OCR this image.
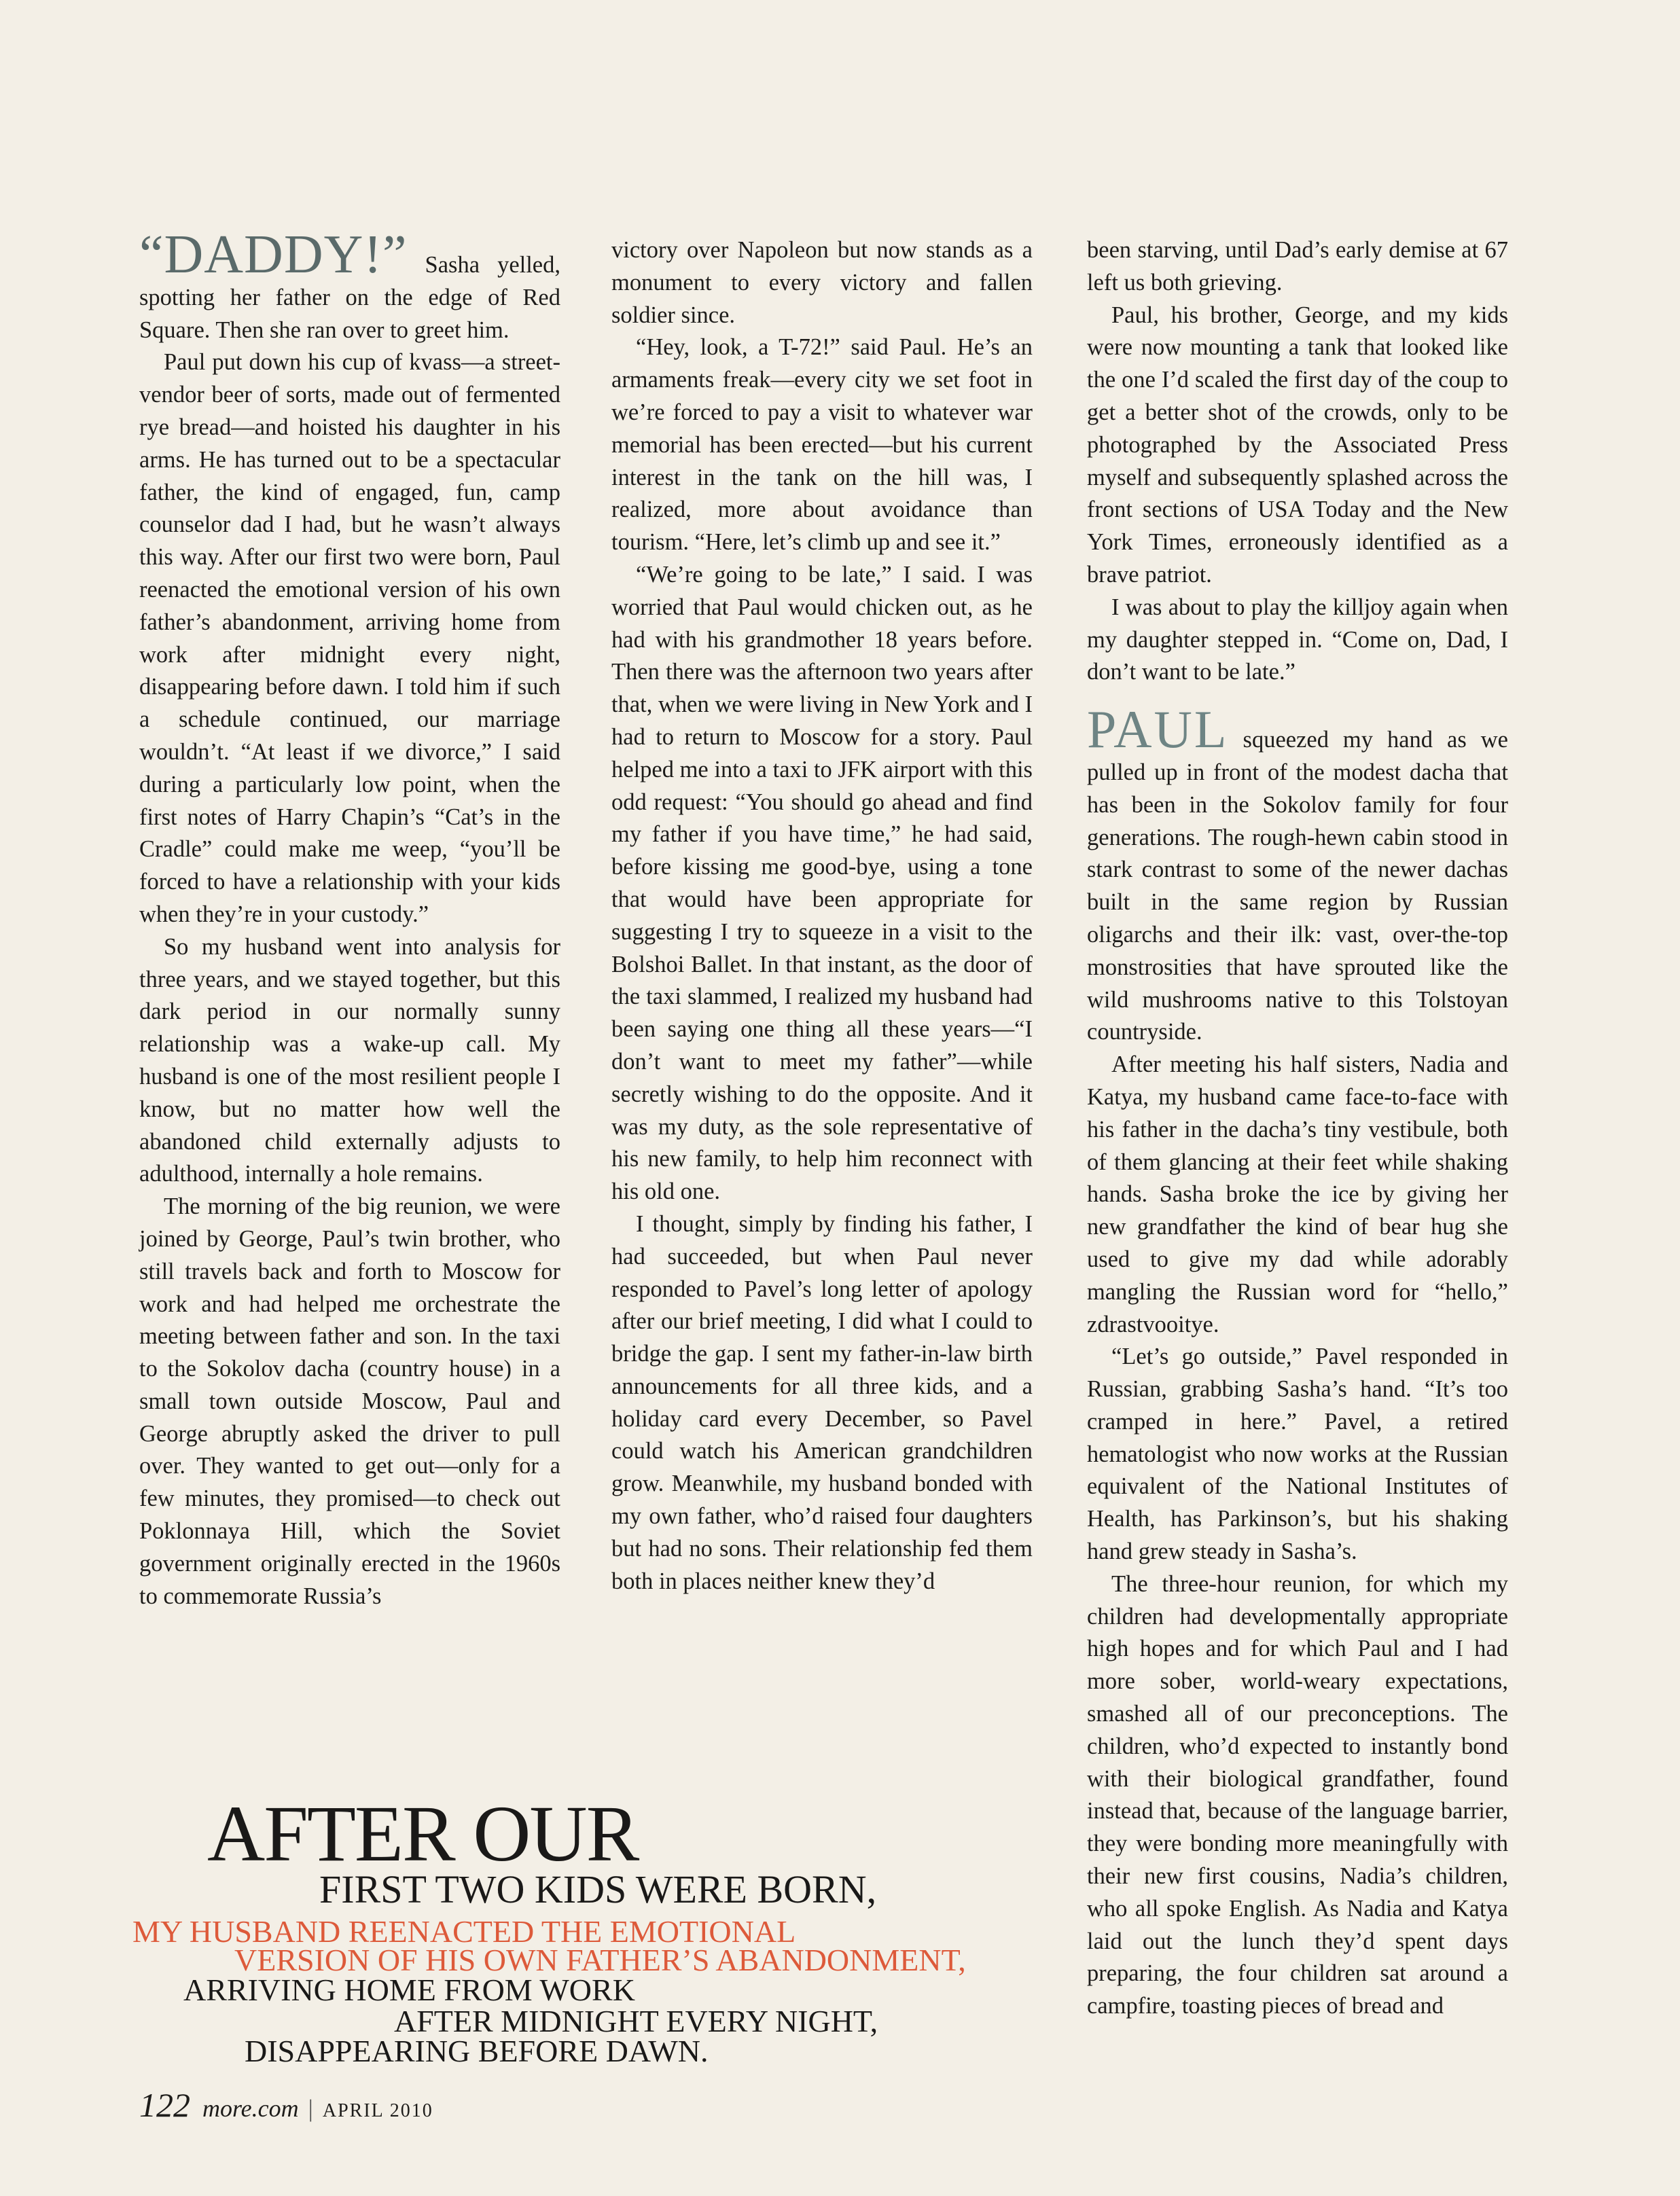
“DADDY!” Sasha yelled, spotting her father on the edge of Red Square. Then she ran over to greet him.

Paul put down his cup of kvass—a street-vendor beer of sorts, made out of fermented rye bread—and hoisted his daughter in his arms. He has turned out to be a spectacular father, the kind of engaged, fun, camp counselor dad I had, but he wasn’t always this way. After our first two were born, Paul reenacted the emotional version of his own father’s abandonment, arriving home from work after midnight every night, disappearing before dawn. I told him if such a schedule continued, our marriage wouldn’t. “At least if we divorce,” I said during a particularly low point, when the first notes of Harry Chapin’s “Cat’s in the Cradle” could make me weep, “you’ll be forced to have a relationship with your kids when they’re in your custody.”

So my husband went into analysis for three years, and we stayed together, but this dark period in our normally sunny relationship was a wake-up call. My husband is one of the most resilient people I know, but no matter how well the abandoned child externally adjusts to adulthood, internally a hole remains.

The morning of the big reunion, we were joined by George, Paul’s twin brother, who still travels back and forth to Moscow for work and had helped me orchestrate the meeting between father and son. In the taxi to the Sokolov dacha (country house) in a small town outside Moscow, Paul and George abruptly asked the driver to pull over. They wanted to get out—only for a few minutes, they promised—to check out Poklonnaya Hill, which the Soviet government originally erected in the 1960s to commemorate Russia’s

victory over Napoleon but now stands as a monument to every victory and fallen soldier since.

“Hey, look, a T-72!” said Paul. He’s an armaments freak—every city we set foot in we’re forced to pay a visit to whatever war memorial has been erected—but his current interest in the tank on the hill was, I realized, more about avoidance than tourism. “Here, let’s climb up and see it.”

“We’re going to be late,” I said. I was worried that Paul would chicken out, as he had with his grandmother 18 years before. Then there was the afternoon two years after that, when we were living in New York and I had to return to Moscow for a story. Paul helped me into a taxi to JFK airport with this odd request: “You should go ahead and find my father if you have time,” he had said, before kissing me good-bye, using a tone that would have been appropriate for suggesting I try to squeeze in a visit to the Bolshoi Ballet. In that instant, as the door of the taxi slammed, I realized my husband had been saying one thing all these years—“I don’t want to meet my father”—while secretly wishing to do the opposite. And it was my duty, as the sole representative of his new family, to help him reconnect with his old one.

I thought, simply by finding his father, I had succeeded, but when Paul never responded to Pavel’s long letter of apology after our brief meeting, I did what I could to bridge the gap. I sent my father-in-law birth announcements for all three kids, and a holiday card every December, so Pavel could watch his American grandchildren grow. Meanwhile, my husband bonded with my own father, who’d raised four daughters but had no sons. Their relationship fed them both in places neither knew they’d

been starving, until Dad’s early demise at 67 left us both grieving.

Paul, his brother, George, and my kids were now mounting a tank that looked like the one I’d scaled the first day of the coup to get a better shot of the crowds, only to be photographed by the Associated Press myself and subsequently splashed across the front sections of USA Today and the New York Times, erroneously identified as a brave patriot.

I was about to play the killjoy again when my daughter stepped in. “Come on, Dad, I don’t want to be late.”

PAUL squeezed my hand as we pulled up in front of the modest dacha that has been in the Sokolov family for four generations. The rough-hewn cabin stood in stark contrast to some of the newer dachas built in the same region by Russian oligarchs and their ilk: vast, over-the-top monstrosities that have sprouted like the wild mushrooms native to this Tolstoyan countryside.

After meeting his half sisters, Nadia and Katya, my husband came face-to-face with his father in the dacha’s tiny vestibule, both of them glancing at their feet while shaking hands. Sasha broke the ice by giving her new grandfather the kind of bear hug she used to give my dad while adorably mangling the Russian word for “hello,” zdrastvooitye.

“Let’s go outside,” Pavel responded in Russian, grabbing Sasha’s hand. “It’s too cramped in here.” Pavel, a retired hematologist who now works at the Russian equivalent of the National Institutes of Health, has Parkinson’s, but his shaking hand grew steady in Sasha’s.

The three-hour reunion, for which my children had developmentally appropriate high hopes and for which Paul and I had more sober, world-weary expectations, smashed all of our preconceptions. The children, who’d expected to instantly bond with their biological grandfather, found instead that, because of the language barrier, they were bonding more meaningfully with their new first cousins, Nadia’s children, who all spoke English. As Nadia and Katya laid out the lunch they’d spent days preparing, the four children sat around a campfire, toasting pieces of bread and

AFTER OUR
FIRST TWO KIDS WERE BORN,
MY HUSBAND REENACTED THE EMOTIONAL
VERSION OF HIS OWN FATHER’S ABANDONMENT,
ARRIVING HOME FROM WORK
AFTER MIDNIGHT EVERY NIGHT,
DISAPPEARING BEFORE DAWN.
122 more.com | APRIL 2010
